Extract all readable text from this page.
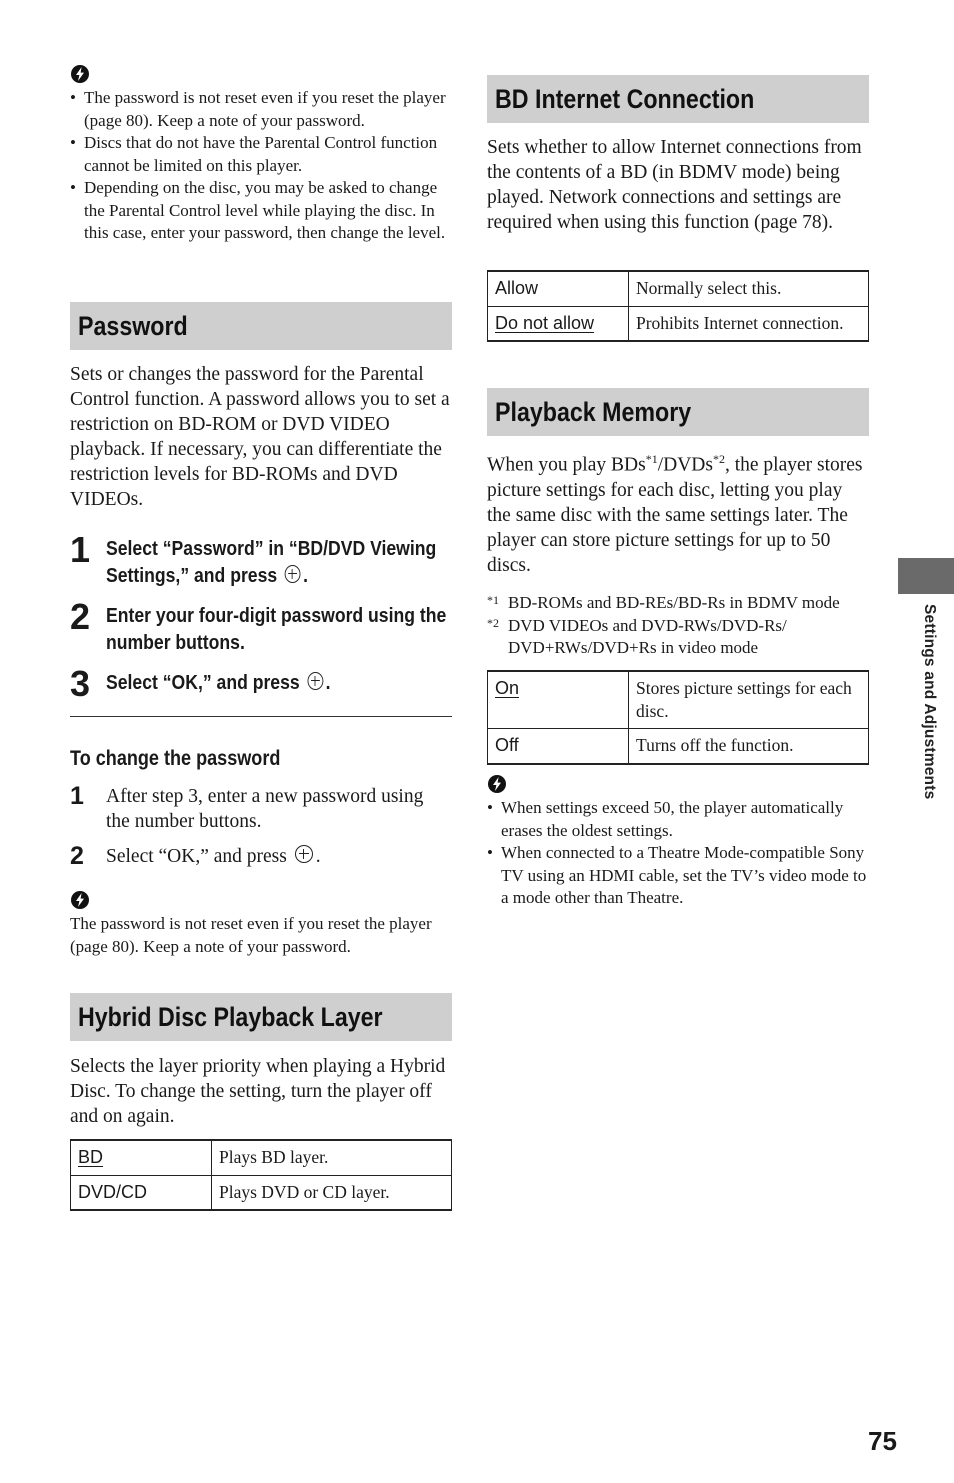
• The password is not reset even if you reset the player (page 80). Keep a note of your password.
• Discs that do not have the Parental Control function cannot be limited on this player.
• Depending on the disc, you may be asked to change the Parental Control level while playing the disc. In this case, enter your password, then change the level.
Password

Sets or changes the password for the Parental Control function. A password allows you to set a restriction on BD-ROM or DVD VIDEO playback. If necessary, you can differentiate the restriction levels for BD-ROMs and DVD VIDEOs.

1 Select “Password” in “BD/DVD Viewing Settings,” and press .
2 Enter your four-digit password using the number buttons.
3 Select “OK,” and press .
To change the password
1 After step 3, enter a new password using the number buttons.
2 Select “OK,” and press .

The password is not reset even if you reset the player (page 80). Keep a note of your password.

Hybrid Disc Playback Layer

Selects the layer priority when playing a Hybrid Disc. To change the setting, turn the player off and on again.

BD	Plays BD layer.
DVD/CD	Plays DVD or CD layer.
BD Internet Connection

Sets whether to allow Internet connections from the contents of a BD (in BDMV mode) being played. Network connections and settings are required when using this function (page 78).

Allow	Normally select this.
Do not allow	Prohibits Internet connection.
Playback Memory

When you play BDs$^{*1}$/DVDs$^{*2}$, the player stores picture settings for each disc, letting you play the same disc with the same settings later. The player can store picture settings for up to 50 discs.

*1 BD-ROMs and BD-REs/BD-Rs in BDMV mode
*2 DVD VIDEOs and DVD-RWs/DVD-Rs/ DVD+RWs/DVD+Rs in video mode
On	Stores picture settings for each disc.
Off	Turns off the function.
• When settings exceed 50, the player automatically erases the oldest settings.
• When connected to a Theatre Mode-compatible Sony TV using an HDMI cable, set the TV’s video mode to a mode other than Theatre.
Settings and Adjustments
75
